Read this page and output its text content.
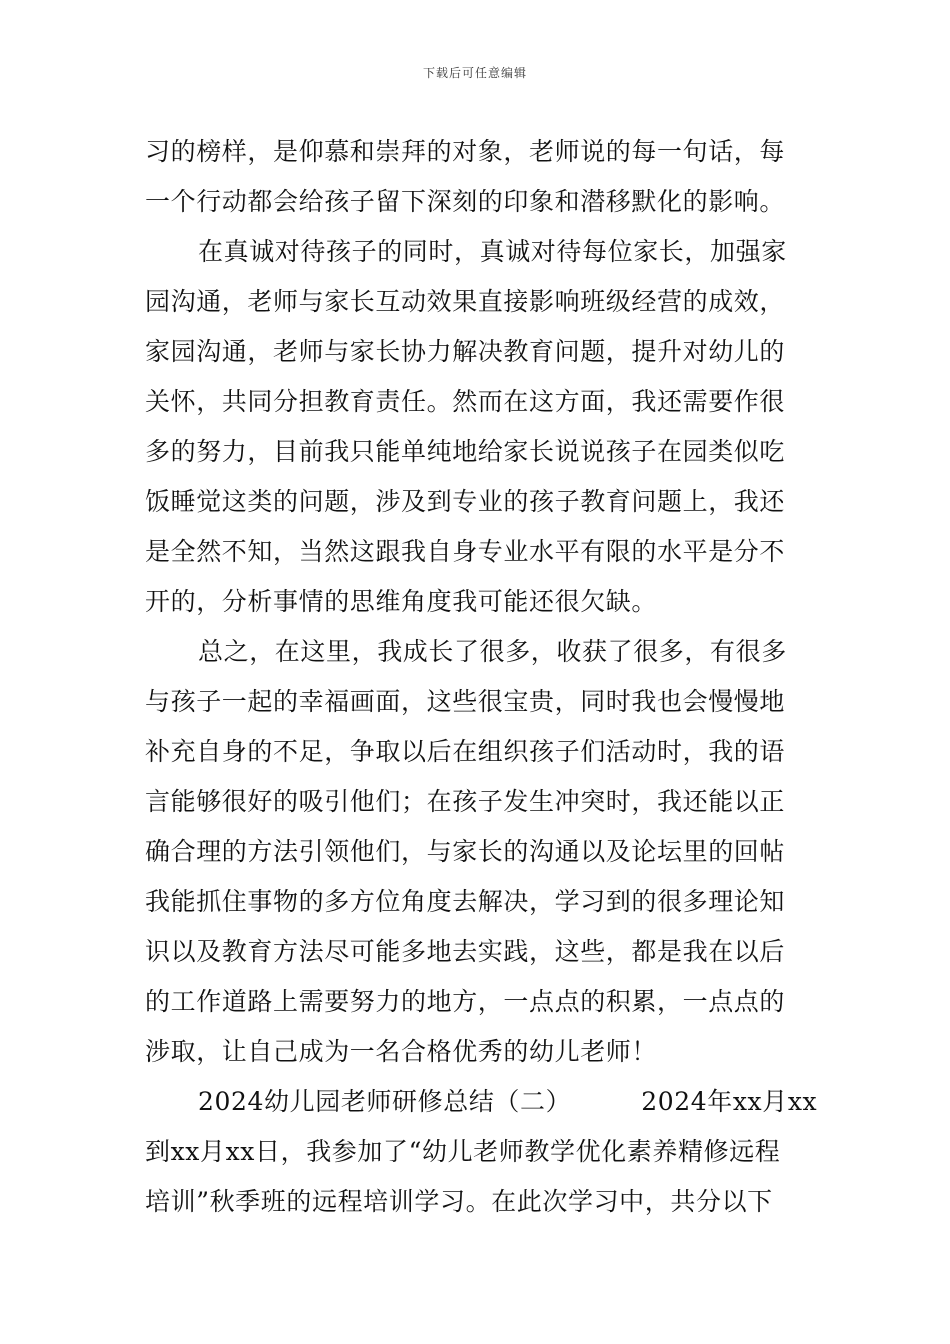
下载后可任意编辑
习的榜样，是仰慕和崇拜的对象，老师说的每一句话，每
一个行动都会给孩子留下深刻的印象和潜移默化的影响。
在真诚对待孩子的同时，真诚对待每位家长，加强家
园沟通，老师与家长互动效果直接影响班级经营的成效，
家园沟通，老师与家长协力解决教育问题，提升对幼儿的
关怀，共同分担教育责任。然而在这方面，我还需要作很
多的努力，目前我只能单纯地给家长说说孩子在园类似吃
饭睡觉这类的问题，涉及到专业的孩子教育问题上，我还
是全然不知，当然这跟我自身专业水平有限的水平是分不
开的，分析事情的思维角度我可能还很欠缺。
总之，在这里，我成长了很多，收获了很多，有很多
与孩子一起的幸福画面，这些很宝贵，同时我也会慢慢地
补充自身的不足，争取以后在组织孩子们活动时，我的语
言能够很好的吸引他们；在孩子发生冲突时，我还能以正
确合理的方法引领他们，与家长的沟通以及论坛里的回帖
我能抓住事物的多方位角度去解决，学习到的很多理论知
识以及教育方法尽可能多地去实践，这些，都是我在以后
的工作道路上需要努力的地方，一点点的积累，一点点的
涉取，让自己成为一名合格优秀的幼儿老师！
2024幼儿园老师研修总结（二）	2024年xx月xx
到xx月xx日，我参加了“幼儿老师教学优化素养精修远程
培训”秋季班的远程培训学习。在此次学习中，共分以下
